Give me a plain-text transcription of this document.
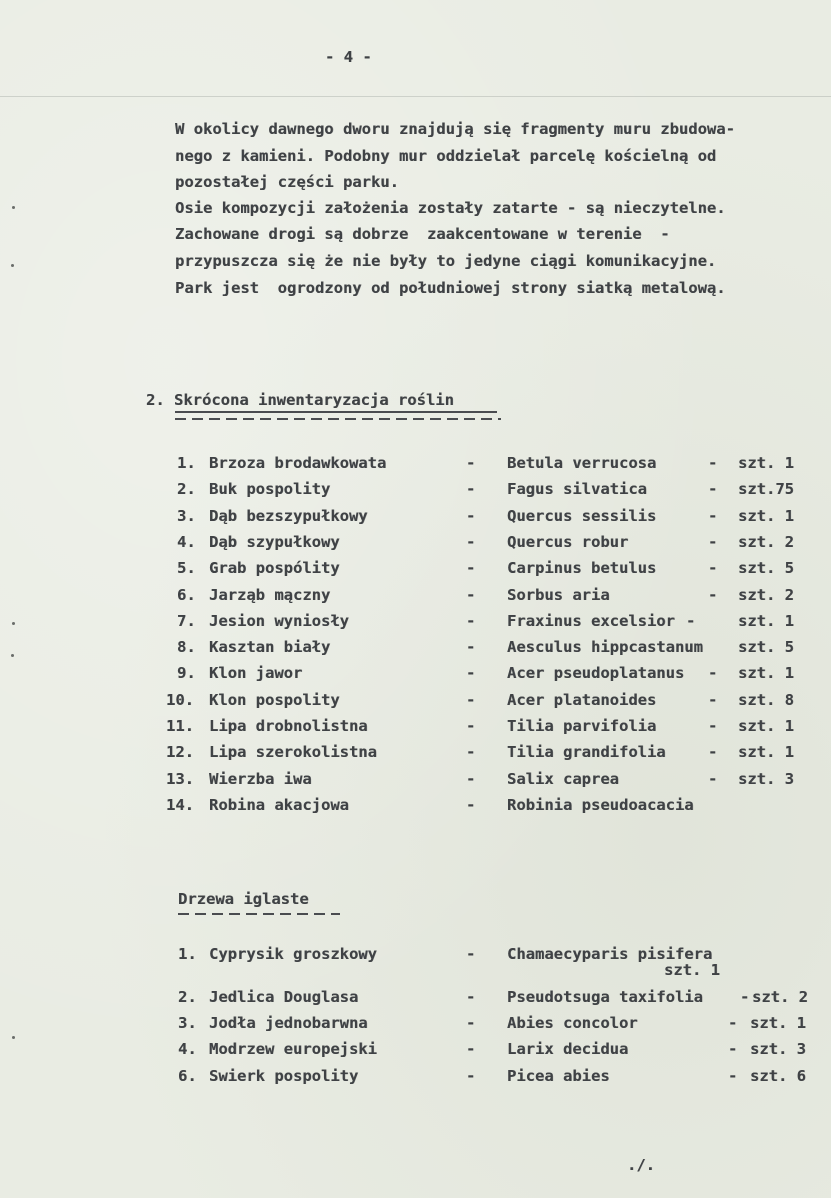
- 4 -
W okolicy dawnego dworu znajdują się fragmenty muru zbudowa-
nego z kamieni. Podobny mur oddzielał parcelę kościelną od
pozostałej części parku.
Osie kompozycji założenia zostały zatarte - są nieczytelne.
Zachowane drogi są dobrze  zaakcentowane w terenie  -
przypuszcza się że nie były to jedyne ciągi komunikacyjne.
Park jest  ogrodzony od południowej strony siatką metalową.
2. Skrócona inwentaryzacja roślin
1. Brzoza brodawkowata	- Betula verrucosa	- szt. 1
2. Buk pospolity	- Fagus silvatica	- szt.75
3. Dąb bezszypułkowy	- Quercus sessilis	- szt. 1
4. Dąb szypułkowy	- Quercus robur	- szt. 2
5. Grab pospólity	- Carpinus betulus	- szt. 5
6. Jarząb mączny	- Sorbus aria	- szt. 2
7. Jesion wyniosły	- Fraxinus excelsior -	szt. 1
8. Kasztan biały	- Aesculus hippcastanum szt. 5
9. Klon jawor	- Acer pseudoplatanus - szt. 1
10. Klon pospolity	- Acer platanoides	- szt. 8
11. Lipa drobnolistna	- Tilia parvifolia	- szt. 1
12. Lipa szerokolistna	- Tilia grandifolia	- szt. 1
13. Wierzba iwa	- Salix caprea	- szt. 3
14. Robina akacjowa	- Robinia pseudoacacia
Drzewa iglaste
1. Cyprysik groszkowy	- Chamaecyparis pisifera
szt. 1
2. Jedlica Douglasa	- Pseudotsuga taxifolia - szt. 2
3. Jodła jednobarwna	- Abies concolor	- szt. 1
4. Modrzew europejski	- Larix decidua	- szt. 3
6. Swierk pospolity	- Picea abies	- szt. 6
./.
